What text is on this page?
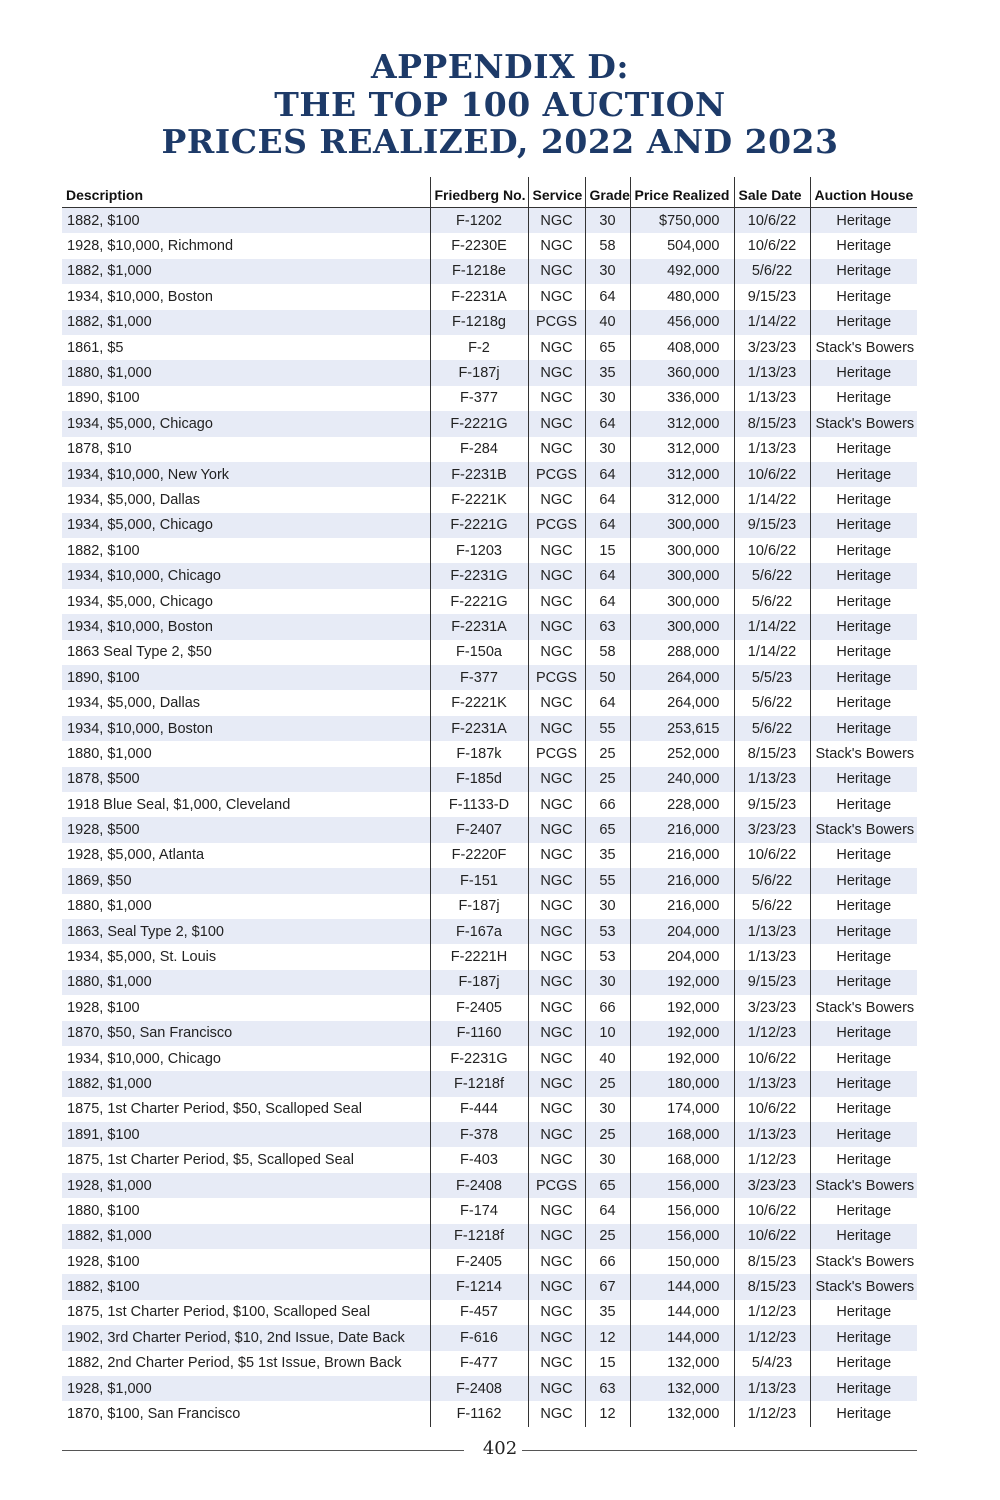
APPENDIX D:
THE TOP 100 AUCTION
PRICES REALIZED, 2022 AND 2023
Description	Friedberg No.	Service	Grade	Price Realized	Sale Date	Auction House
1882, $100	F-1202	NGC	30	$750,000	10/6/22	Heritage
1928, $10,000, Richmond	F-2230E	NGC	58	504,000	10/6/22	Heritage
1882, $1,000	F-1218e	NGC	30	492,000	5/6/22	Heritage
1934, $10,000, Boston	F-2231A	NGC	64	480,000	9/15/23	Heritage
1882, $1,000	F-1218g	PCGS	40	456,000	1/14/22	Heritage
1861, $5	F-2	NGC	65	408,000	3/23/23	Stack's Bowers
1880, $1,000	F-187j	NGC	35	360,000	1/13/23	Heritage
1890, $100	F-377	NGC	30	336,000	1/13/23	Heritage
1934, $5,000, Chicago	F-2221G	NGC	64	312,000	8/15/23	Stack's Bowers
1878, $10	F-284	NGC	30	312,000	1/13/23	Heritage
1934, $10,000, New York	F-2231B	PCGS	64	312,000	10/6/22	Heritage
1934, $5,000, Dallas	F-2221K	NGC	64	312,000	1/14/22	Heritage
1934, $5,000, Chicago	F-2221G	PCGS	64	300,000	9/15/23	Heritage
1882, $100	F-1203	NGC	15	300,000	10/6/22	Heritage
1934, $10,000, Chicago	F-2231G	NGC	64	300,000	5/6/22	Heritage
1934, $5,000, Chicago	F-2221G	NGC	64	300,000	5/6/22	Heritage
1934, $10,000, Boston	F-2231A	NGC	63	300,000	1/14/22	Heritage
1863 Seal Type 2, $50	F-150a	NGC	58	288,000	1/14/22	Heritage
1890, $100	F-377	PCGS	50	264,000	5/5/23	Heritage
1934, $5,000, Dallas	F-2221K	NGC	64	264,000	5/6/22	Heritage
1934, $10,000, Boston	F-2231A	NGC	55	253,615	5/6/22	Heritage
1880, $1,000	F-187k	PCGS	25	252,000	8/15/23	Stack's Bowers
1878, $500	F-185d	NGC	25	240,000	1/13/23	Heritage
1918 Blue Seal, $1,000, Cleveland	F-1133-D	NGC	66	228,000	9/15/23	Heritage
1928, $500	F-2407	NGC	65	216,000	3/23/23	Stack's Bowers
1928, $5,000, Atlanta	F-2220F	NGC	35	216,000	10/6/22	Heritage
1869, $50	F-151	NGC	55	216,000	5/6/22	Heritage
1880, $1,000	F-187j	NGC	30	216,000	5/6/22	Heritage
1863, Seal Type 2, $100	F-167a	NGC	53	204,000	1/13/23	Heritage
1934, $5,000, St. Louis	F-2221H	NGC	53	204,000	1/13/23	Heritage
1880, $1,000	F-187j	NGC	30	192,000	9/15/23	Heritage
1928, $100	F-2405	NGC	66	192,000	3/23/23	Stack's Bowers
1870, $50, San Francisco	F-1160	NGC	10	192,000	1/12/23	Heritage
1934, $10,000, Chicago	F-2231G	NGC	40	192,000	10/6/22	Heritage
1882, $1,000	F-1218f	NGC	25	180,000	1/13/23	Heritage
1875, 1st Charter Period, $50, Scalloped Seal	F-444	NGC	30	174,000	10/6/22	Heritage
1891, $100	F-378	NGC	25	168,000	1/13/23	Heritage
1875, 1st Charter Period, $5, Scalloped Seal	F-403	NGC	30	168,000	1/12/23	Heritage
1928, $1,000	F-2408	PCGS	65	156,000	3/23/23	Stack's Bowers
1880, $100	F-174	NGC	64	156,000	10/6/22	Heritage
1882, $1,000	F-1218f	NGC	25	156,000	10/6/22	Heritage
1928, $100	F-2405	NGC	66	150,000	8/15/23	Stack's Bowers
1882, $100	F-1214	NGC	67	144,000	8/15/23	Stack's Bowers
1875, 1st Charter Period, $100, Scalloped Seal	F-457	NGC	35	144,000	1/12/23	Heritage
1902, 3rd Charter Period, $10, 2nd Issue, Date Back	F-616	NGC	12	144,000	1/12/23	Heritage
1882, 2nd Charter Period, $5 1st Issue, Brown Back	F-477	NGC	15	132,000	5/4/23	Heritage
1928, $1,000	F-2408	NGC	63	132,000	1/13/23	Heritage
1870, $100, San Francisco	F-1162	NGC	12	132,000	1/12/23	Heritage
402
